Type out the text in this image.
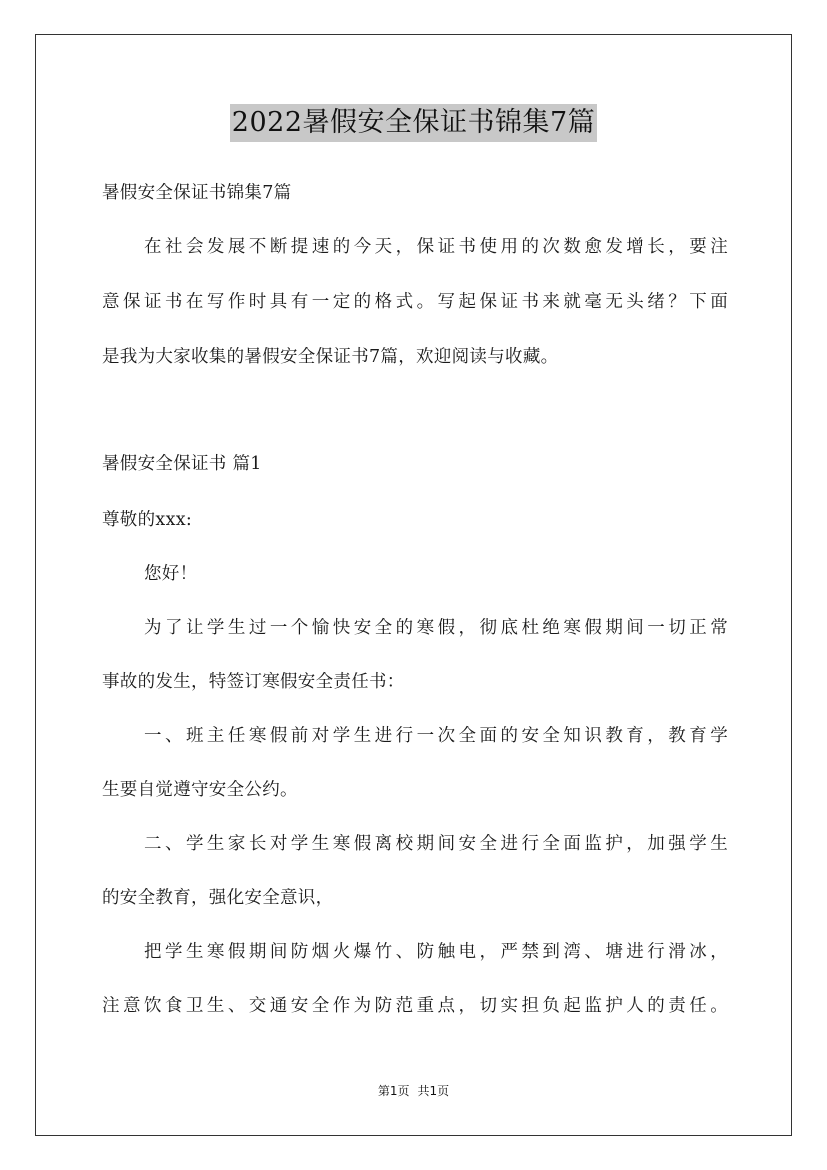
2022暑假安全保证书锦集7篇
暑假安全保证书锦集7篇
在社会发展不断提速的今天，保证书使用的次数愈发增长，要注
意保证书在写作时具有一定的格式。写起保证书来就毫无头绪？下面
是我为大家收集的暑假安全保证书7篇，欢迎阅读与收藏。
暑假安全保证书 篇1
尊敬的xxx:
您好！
为了让学生过一个愉快安全的寒假，彻底杜绝寒假期间一切正常
事故的发生，特签订寒假安全责任书：
一、班主任寒假前对学生进行一次全面的安全知识教育，教育学
生要自觉遵守安全公约。
二、学生家长对学生寒假离校期间安全进行全面监护，加强学生
的安全教育，强化安全意识，
把学生寒假期间防烟火爆竹、防触电，严禁到湾、塘进行滑冰，
注意饮食卫生、交通安全作为防范重点，切实担负起监护人的责任。
第1页 共1页
